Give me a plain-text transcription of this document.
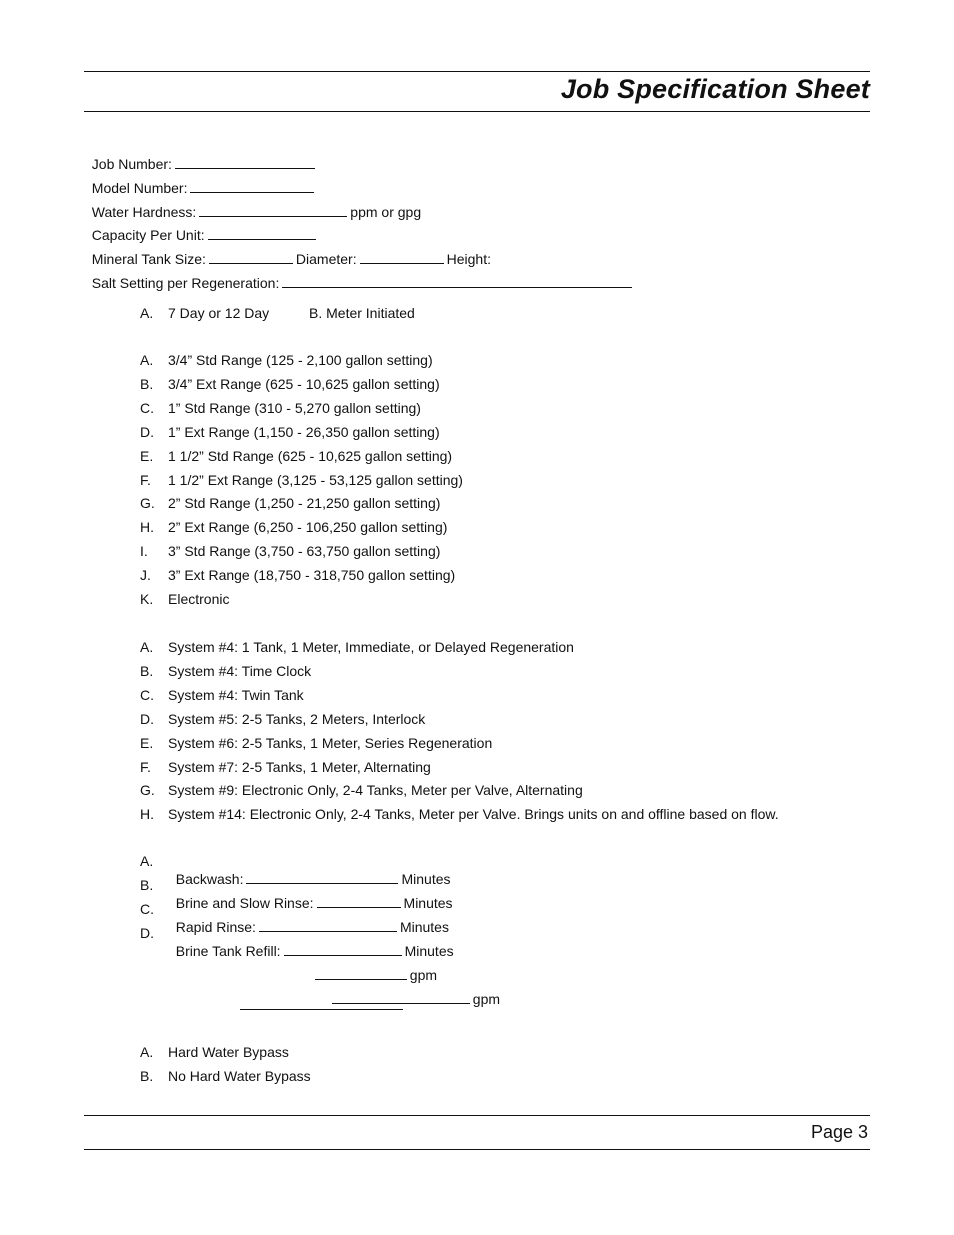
Job Specification Sheet

Job Number:

Model Number:

Water Hardness:	ppm or gpg

Capacity Per Unit:

Mineral Tank Size:	Diameter:	Height:

Salt Setting per Regeneration:

A. 7 Day or 12 Day	B. Meter Initiated
A. 3/4” Std Range (125 - 2,100 gallon setting)
B. 3/4” Ext Range (625 - 10,625 gallon setting)
C. 1” Std Range (310 - 5,270 gallon setting)
D. 1” Ext Range (1,150 - 26,350 gallon setting)
E. 1 1/2” Std Range (625 - 10,625 gallon setting)
F. 1 1/2” Ext Range (3,125 - 53,125 gallon setting)
G. 2” Std Range (1,250 - 21,250 gallon setting)
H. 2” Ext Range (6,250 - 106,250 gallon setting)
I. 3” Std Range (3,750 - 63,750 gallon setting)
J. 3” Ext Range (18,750 - 318,750 gallon setting)
K. Electronic
A. System #4: 1 Tank, 1 Meter, Immediate, or Delayed Regeneration
B. System #4: Time Clock
C. System #4: Twin Tank
D. System #5: 2-5 Tanks, 2 Meters, Interlock
E. System #6: 2-5 Tanks, 1 Meter, Series Regeneration
F. System #7: 2-5 Tanks, 1 Meter, Alternating
G. System #9: Electronic Only, 2-4 Tanks, Meter per Valve, Alternating
H. System #14: Electronic Only, 2-4 Tanks, Meter per Valve. Brings units on and offline based on flow.
A.

Backwash:	Minutes

B.

Brine and Slow Rinse:	Minutes

C.

Rapid Rinse:	Minutes

D.

Brine Tank Refill:	Minutes

gpm

gpm

A. Hard Water Bypass
B. No Hard Water Bypass
Page 3
